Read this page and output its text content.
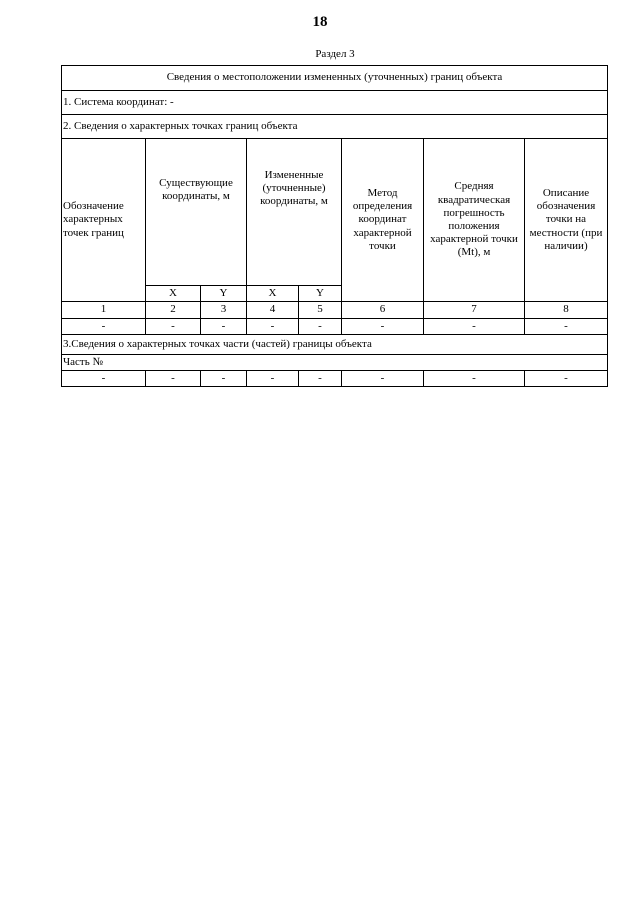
18
Раздел 3
Сведения о местоположении измененных (уточненных) границ объекта							
1. Система координат: -							
2. Сведения о характерных точках границ объекта							
Обозначение характерных точек границ	Существующие координаты, м		Измененные (уточненные) координаты, м		Метод определения координат характерной точки	Средняя квадратическая погрешность положения характерной точки (Mt), м	Описание обозначения точки на местности (при наличии)
	X	Y	X	Y			
1	2	3	4	5	6	7	8
-	-	-	-	-	-	-	-
3.Сведения о характерных точках части (частей) границы объекта							
Часть №							
-	-	-	-	-	-	-	-
